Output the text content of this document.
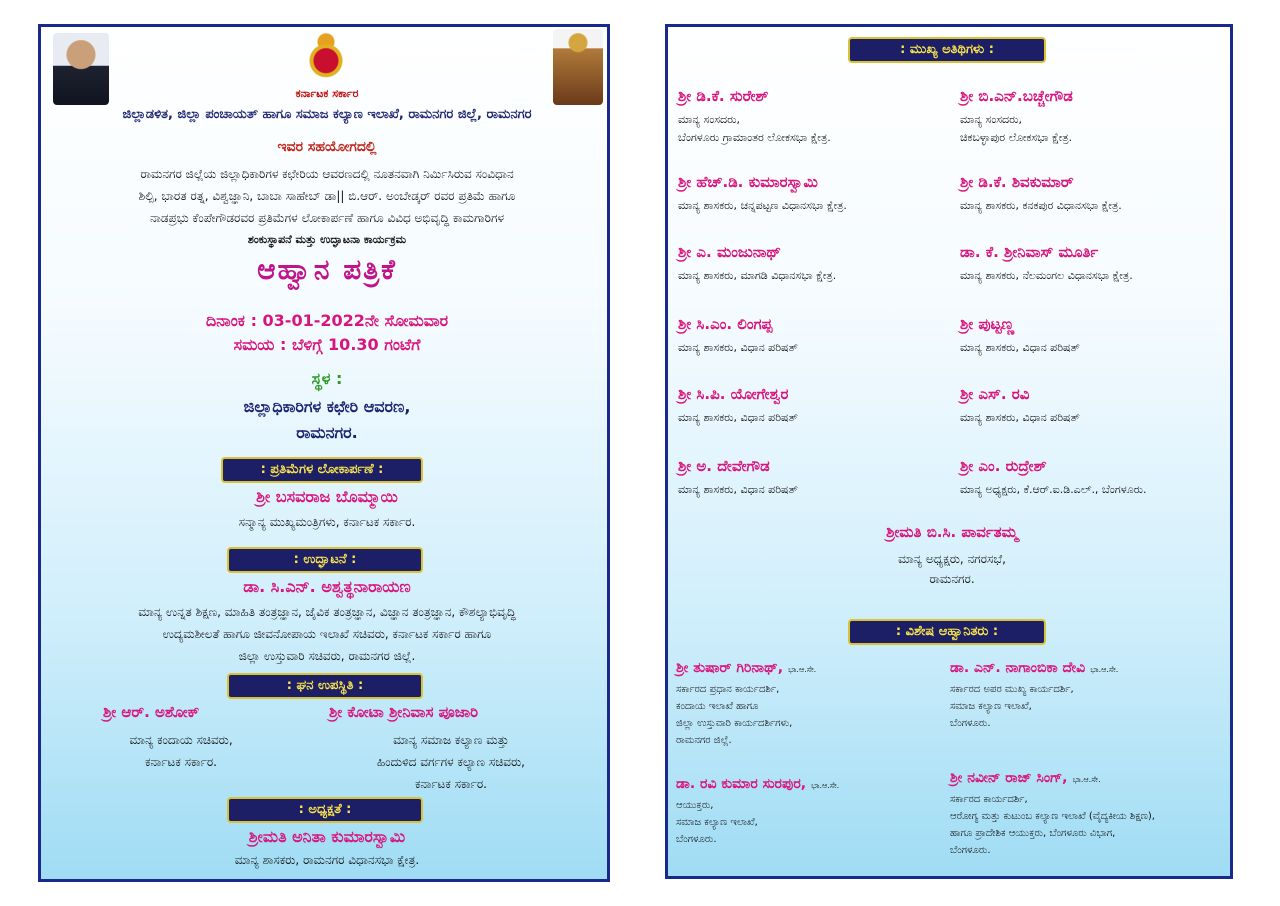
ಕರ್ನಾಟಕ ಸರ್ಕಾರ
ಜಿಲ್ಲಾಡಳಿತ, ಜಿಲ್ಲಾ ಪಂಚಾಯತ್ ಹಾಗೂ ಸಮಾಜ ಕಲ್ಯಾಣ ಇಲಾಖೆ, ರಾಮನಗರ ಜಿಲ್ಲೆ, ರಾಮನಗರ
ಇವರ ಸಹಯೋಗದಲ್ಲಿ
ರಾಮನಗರ ಜಿಲ್ಲೆಯ ಜಿಲ್ಲಾಧಿಕಾರಿಗಳ ಕಛೇರಿಯ ಆವರಣದಲ್ಲಿ ನೂತನವಾಗಿ ನಿರ್ಮಿಸಿರುವ ಸಂವಿಧಾನ
ಶಿಲ್ಪಿ, ಭಾರತ ರತ್ನ, ವಿಶ್ವಜ್ಞಾನಿ, ಬಾಬಾ ಸಾಹೇಬ್ ಡಾ|| ಬಿ.ಆರ್. ಅಂಬೇಡ್ಕರ್ ರವರ ಪ್ರತಿಮೆ ಹಾಗೂ
ನಾಡಪ್ರಭು ಕೆಂಪೇಗೌಡರವರ ಪ್ರತಿಮೆಗಳ ಲೋಕಾರ್ಪಣೆ ಹಾಗೂ ವಿವಿಧ ಅಭಿವೃದ್ಧಿ ಕಾಮಗಾರಿಗಳ
ಶಂಕುಸ್ಥಾಪನೆ ಮತ್ತು ಉದ್ಘಾಟನಾ ಕಾರ್ಯಕ್ರಮ
ಆಹ್ವಾನ ಪತ್ರಿಕೆ
ದಿನಾಂಕ : 03-01-2022ನೇ ಸೋಮವಾರ
ಸಮಯ : ಬೆಳಿಗ್ಗೆ 10.30 ಗಂಟೆಗೆ
ಸ್ಥಳ :
ಜಿಲ್ಲಾಧಿಕಾರಿಗಳ ಕಛೇರಿ ಆವರಣ,
ರಾಮನಗರ.
: ಪ್ರತಿಮೆಗಳ ಲೋಕಾರ್ಪಣೆ :
ಶ್ರೀ ಬಸವರಾಜ ಬೊಮ್ಮಾಯಿ
ಸನ್ಮಾನ್ಯ ಮುಖ್ಯಮಂತ್ರಿಗಳು, ಕರ್ನಾಟಕ ಸರ್ಕಾರ.
: ಉದ್ಘಾಟನೆ :
ಡಾ. ಸಿ.ಎನ್. ಅಶ್ವತ್ಥನಾರಾಯಣ
ಮಾನ್ಯ ಉನ್ನತ ಶಿಕ್ಷಣ, ಮಾಹಿತಿ ತಂತ್ರಜ್ಞಾನ, ಜೈವಿಕ ತಂತ್ರಜ್ಞಾನ, ವಿಜ್ಞಾನ ತಂತ್ರಜ್ಞಾನ, ಕೌಶಲ್ಯಾಭಿವೃದ್ಧಿ
ಉದ್ಯಮಶೀಲತೆ ಹಾಗೂ ಜೀವನೋಪಾಯ ಇಲಾಖೆ ಸಚಿವರು, ಕರ್ನಾಟಕ ಸರ್ಕಾರ ಹಾಗೂ
ಜಿಲ್ಲಾ ಉಸ್ತುವಾರಿ ಸಚಿವರು, ರಾಮನಗರ ಜಿಲ್ಲೆ.
: ಘನ ಉಪಸ್ಥಿತಿ :
ಶ್ರೀ ಆರ್. ಅಶೋಕ್
ಮಾನ್ಯ ಕಂದಾಯ ಸಚಿವರು,
ಕರ್ನಾಟಕ ಸರ್ಕಾರ.
ಶ್ರೀ ಕೋಟಾ ಶ್ರೀನಿವಾಸ ಪೂಜಾರಿ
ಮಾನ್ಯ ಸಮಾಜ ಕಲ್ಯಾಣ ಮತ್ತು
ಹಿಂದುಳಿದ ವರ್ಗಗಳ ಕಲ್ಯಾಣ ಸಚಿವರು,
ಕರ್ನಾಟಕ ಸರ್ಕಾರ.
: ಅಧ್ಯಕ್ಷತೆ :
ಶ್ರೀಮತಿ ಅನಿತಾ ಕುಮಾರಸ್ವಾಮಿ
ಮಾನ್ಯ ಶಾಸಕರು, ರಾಮನಗರ ವಿಧಾನಸಭಾ ಕ್ಷೇತ್ರ.
: ಮುಖ್ಯ ಅತಿಥಿಗಳು :
ಶ್ರೀ ಡಿ.ಕೆ. ಸುರೇಶ್
ಮಾನ್ಯ ಸಂಸದರು,
ಬೆಂಗಳೂರು ಗ್ರಾಮಾಂತರ ಲೋಕಸಭಾ ಕ್ಷೇತ್ರ.
ಶ್ರೀ ಬಿ.ಎನ್.ಬಚ್ಚೇಗೌಡ
ಮಾನ್ಯ ಸಂಸದರು,
ಚಿಕಬಳ್ಳಾಪುರ ಲೋಕಸಭಾ ಕ್ಷೇತ್ರ.
ಶ್ರೀ ಹೆಚ್.ಡಿ. ಕುಮಾರಸ್ವಾಮಿ
ಮಾನ್ಯ ಶಾಸಕರು, ಚನ್ನಪಟ್ಟಣ ವಿಧಾನಸಭಾ ಕ್ಷೇತ್ರ.
ಶ್ರೀ ಡಿ.ಕೆ. ಶಿವಕುಮಾರ್
ಮಾನ್ಯ ಶಾಸಕರು, ಕನಕಪುರ ವಿಧಾನಸಭಾ ಕ್ಷೇತ್ರ.
ಶ್ರೀ ಎ. ಮಂಜುನಾಥ್
ಮಾನ್ಯ ಶಾಸಕರು, ಮಾಗಡಿ ವಿಧಾನಸಭಾ ಕ್ಷೇತ್ರ.
ಡಾ. ಕೆ. ಶ್ರೀನಿವಾಸ್ ಮೂರ್ತಿ
ಮಾನ್ಯ ಶಾಸಕರು, ನೆಲಮಂಗಲ ವಿಧಾನಸಭಾ ಕ್ಷೇತ್ರ.
ಶ್ರೀ ಸಿ.ಎಂ. ಲಿಂಗಪ್ಪ
ಮಾನ್ಯ ಶಾಸಕರು, ವಿಧಾನ ಪರಿಷತ್
ಶ್ರೀ ಪುಟ್ಟಣ್ಣ
ಮಾನ್ಯ ಶಾಸಕರು, ವಿಧಾನ ಪರಿಷತ್
ಶ್ರೀ ಸಿ.ಪಿ. ಯೋಗೇಶ್ವರ
ಮಾನ್ಯ ಶಾಸಕರು, ವಿಧಾನ ಪರಿಷತ್
ಶ್ರೀ ಎಸ್. ರವಿ
ಮಾನ್ಯ ಶಾಸಕರು, ವಿಧಾನ ಪರಿಷತ್
ಶ್ರೀ ಅ. ದೇವೇಗೌಡ
ಮಾನ್ಯ ಶಾಸಕರು, ವಿಧಾನ ಪರಿಷತ್
ಶ್ರೀ ಎಂ. ರುದ್ರೇಶ್
ಮಾನ್ಯ ಅಧ್ಯಕ್ಷರು, ಕೆ.ಆರ್.ಐ.ಡಿ.ಎಲ್., ಬೆಂಗಳೂರು.
ಶ್ರೀಮತಿ ಬಿ.ಸಿ. ಪಾರ್ವತಮ್ಮ
ಮಾನ್ಯ ಅಧ್ಯಕ್ಷರು, ನಗರಸಭೆ,
ರಾಮನಗರ.
: ವಿಶೇಷ ಆಹ್ವಾನಿತರು :
ಶ್ರೀ ತುಷಾರ್ ಗಿರಿನಾಥ್, ಭಾ.ಆ.ಸೇ.
ಸರ್ಕಾರದ ಪ್ರಧಾನ ಕಾರ್ಯದರ್ಶಿ,
ಕಂದಾಯ ಇಲಾಖೆ ಹಾಗೂ
ಜಿಲ್ಲಾ ಉಸ್ತುವಾರಿ ಕಾರ್ಯದರ್ಶಿಗಳು,
ರಾಮನಗರ ಜಿಲ್ಲೆ.
ಡಾ. ಎನ್. ನಾಗಾಂಬಿಕಾ ದೇವಿ ಭಾ.ಆ.ಸೇ.
ಸರ್ಕಾರದ ಅಪರ ಮುಖ್ಯ ಕಾರ್ಯದರ್ಶಿ,
ಸಮಾಜ ಕಲ್ಯಾಣ ಇಲಾಖೆ,
ಬೆಂಗಳೂರು.
ಡಾ. ರವಿ ಕುಮಾರ ಸುರಪುರ, ಭಾ.ಆ.ಸೇ.
ಆಯುಕ್ತರು,
ಸಮಾಜ ಕಲ್ಯಾಣ ಇಲಾಖೆ,
ಬೆಂಗಳೂರು.
ಶ್ರೀ ನವೀನ್ ರಾಜ್ ಸಿಂಗ್, ಭಾ.ಆ.ಸೇ.
ಸರ್ಕಾರದ ಕಾರ್ಯದರ್ಶಿ,
ಆರೋಗ್ಯ ಮತ್ತು ಕುಟುಂಬ ಕಲ್ಯಾಣ ಇಲಾಖೆ (ವೈದ್ಯಕೀಯ ಶಿಕ್ಷಣ),
ಹಾಗೂ ಪ್ರಾದೇಶಿಕ ಆಯುಕ್ತರು, ಬೆಂಗಳೂರು ವಿಭಾಗ,
ಬೆಂಗಳೂರು.
